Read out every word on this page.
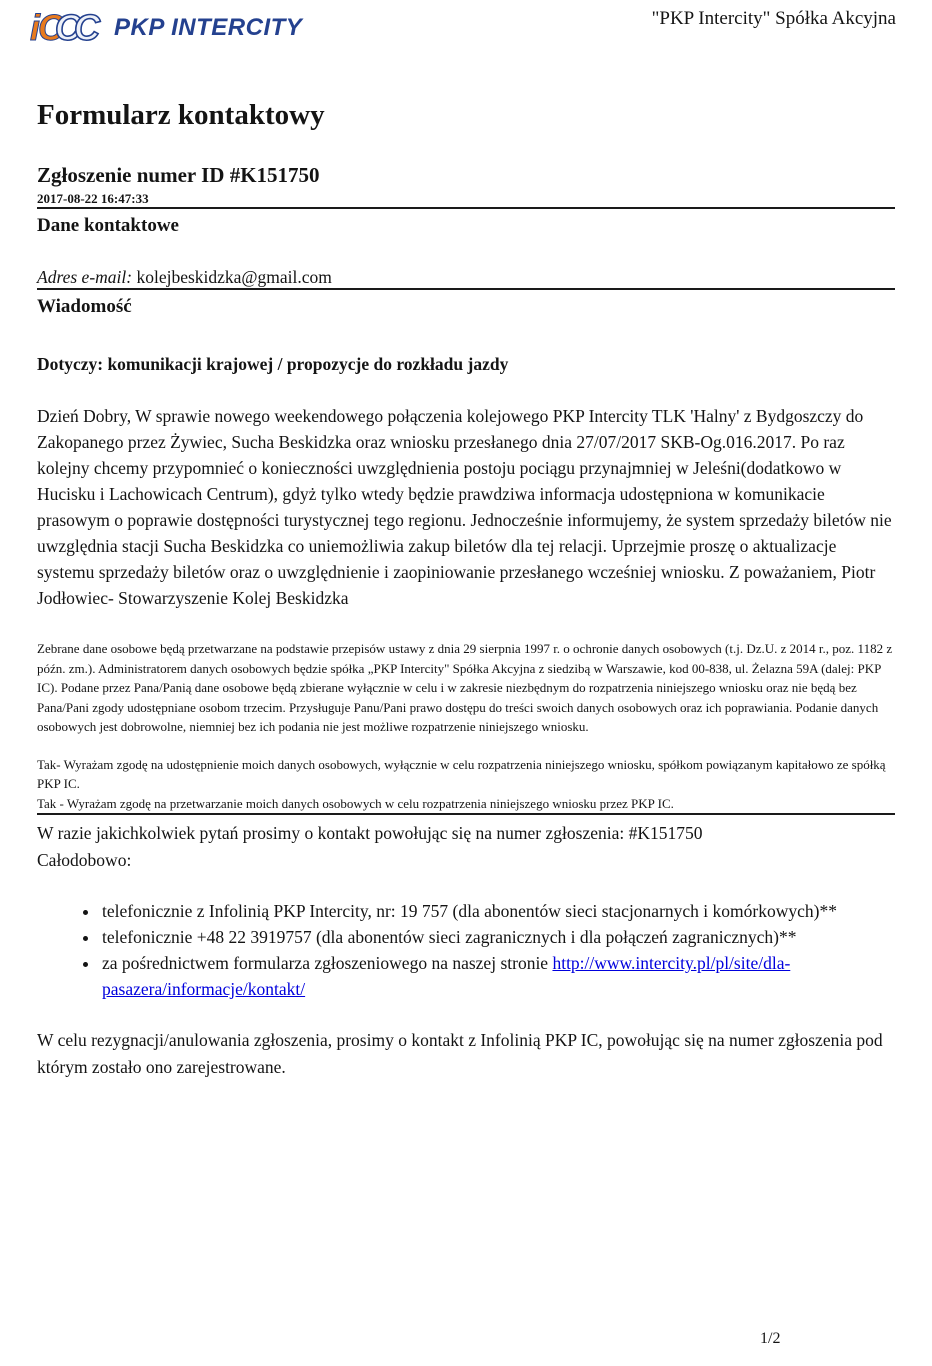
iC
C
C PKP INTERCITY	"PKP Intercity" Spółka Akcyjna
Formularz kontaktowy
Zgłoszenie numer ID #K151750
2017-08-22 16:47:33
Dane kontaktowe
Adres e-mail: kolejbeskidzka@gmail.com
Wiadomość
Dotyczy: komunikacji krajowej / propozycje do rozkładu jazdy

Dzień Dobry, W sprawie nowego weekendowego połączenia kolejowego PKP Intercity TLK 'Halny' z Bydgoszczy do Zakopanego przez Żywiec, Sucha Beskidzka oraz wniosku przesłanego dnia 27/07/2017 SKB-Og.016.2017. Po raz kolejny chcemy przypomnieć o konieczności uwzględnienia postoju pociągu przynajmniej w Jeleśni(dodatkowo w Hucisku i Lachowicach Centrum), gdyż tylko wtedy będzie prawdziwa informacja udostępniona w komunikacie prasowym o poprawie dostępności turystycznej tego regionu. Jednocześnie informujemy, że system sprzedaży biletów nie uwzględnia stacji Sucha Beskidzka co uniemożliwia zakup biletów dla tej relacji. Uprzejmie proszę o aktualizacje systemu sprzedaży biletów oraz o uwzględnienie i zaopiniowanie przesłanego wcześniej wniosku. Z poważaniem, Piotr Jodłowiec- Stowarzyszenie Kolej Beskidzka

Zebrane dane osobowe będą przetwarzane na podstawie przepisów ustawy z dnia 29 sierpnia 1997 r. o ochronie danych osobowych (t.j. Dz.U. z 2014 r., poz. 1182 z późn. zm.). Administratorem danych osobowych będzie spółka „PKP Intercity" Spółka Akcyjna z siedzibą w Warszawie, kod 00-838, ul. Żelazna 59A (dalej: PKP IC). Podane przez Pana/Panią dane osobowe będą zbierane wyłącznie w celu i w zakresie niezbędnym do rozpatrzenia niniejszego wniosku oraz nie będą bez Pana/Pani zgody udostępniane osobom trzecim. Przysługuje Panu/Pani prawo dostępu do treści swoich danych osobowych oraz ich poprawiania. Podanie danych osobowych jest dobrowolne, niemniej bez ich podania nie jest możliwe rozpatrzenie niniejszego wniosku.

Tak- Wyrażam zgodę na udostępnienie moich danych osobowych, wyłącznie w celu rozpatrzenia niniejszego wniosku, spółkom powiązanym kapitałowo ze spółką PKP IC.
Tak - Wyrażam zgodę na przetwarzanie moich danych osobowych w celu rozpatrzenia niniejszego wniosku przez PKP IC.

W razie jakichkolwiek pytań prosimy o kontakt powołując się na numer zgłoszenia: #K151750
Całodobowo:

• telefonicznie z Infolinią PKP Intercity, nr: 19 757 (dla abonentów sieci stacjonarnych i komórkowych)**
• telefonicznie +48 22 3919757 (dla abonentów sieci zagranicznych i dla połączeń zagranicznych)**
• za pośrednictwem formularza zgłoszeniowego na naszej stronie http://www.intercity.pl/pl/site/dla-pasazera/informacje/kontakt/

W celu rezygnacji/anulowania zgłoszenia, prosimy o kontakt z Infolinią PKP IC, powołując się na numer zgłoszenia pod którym zostało ono zarejestrowane.

1/2
